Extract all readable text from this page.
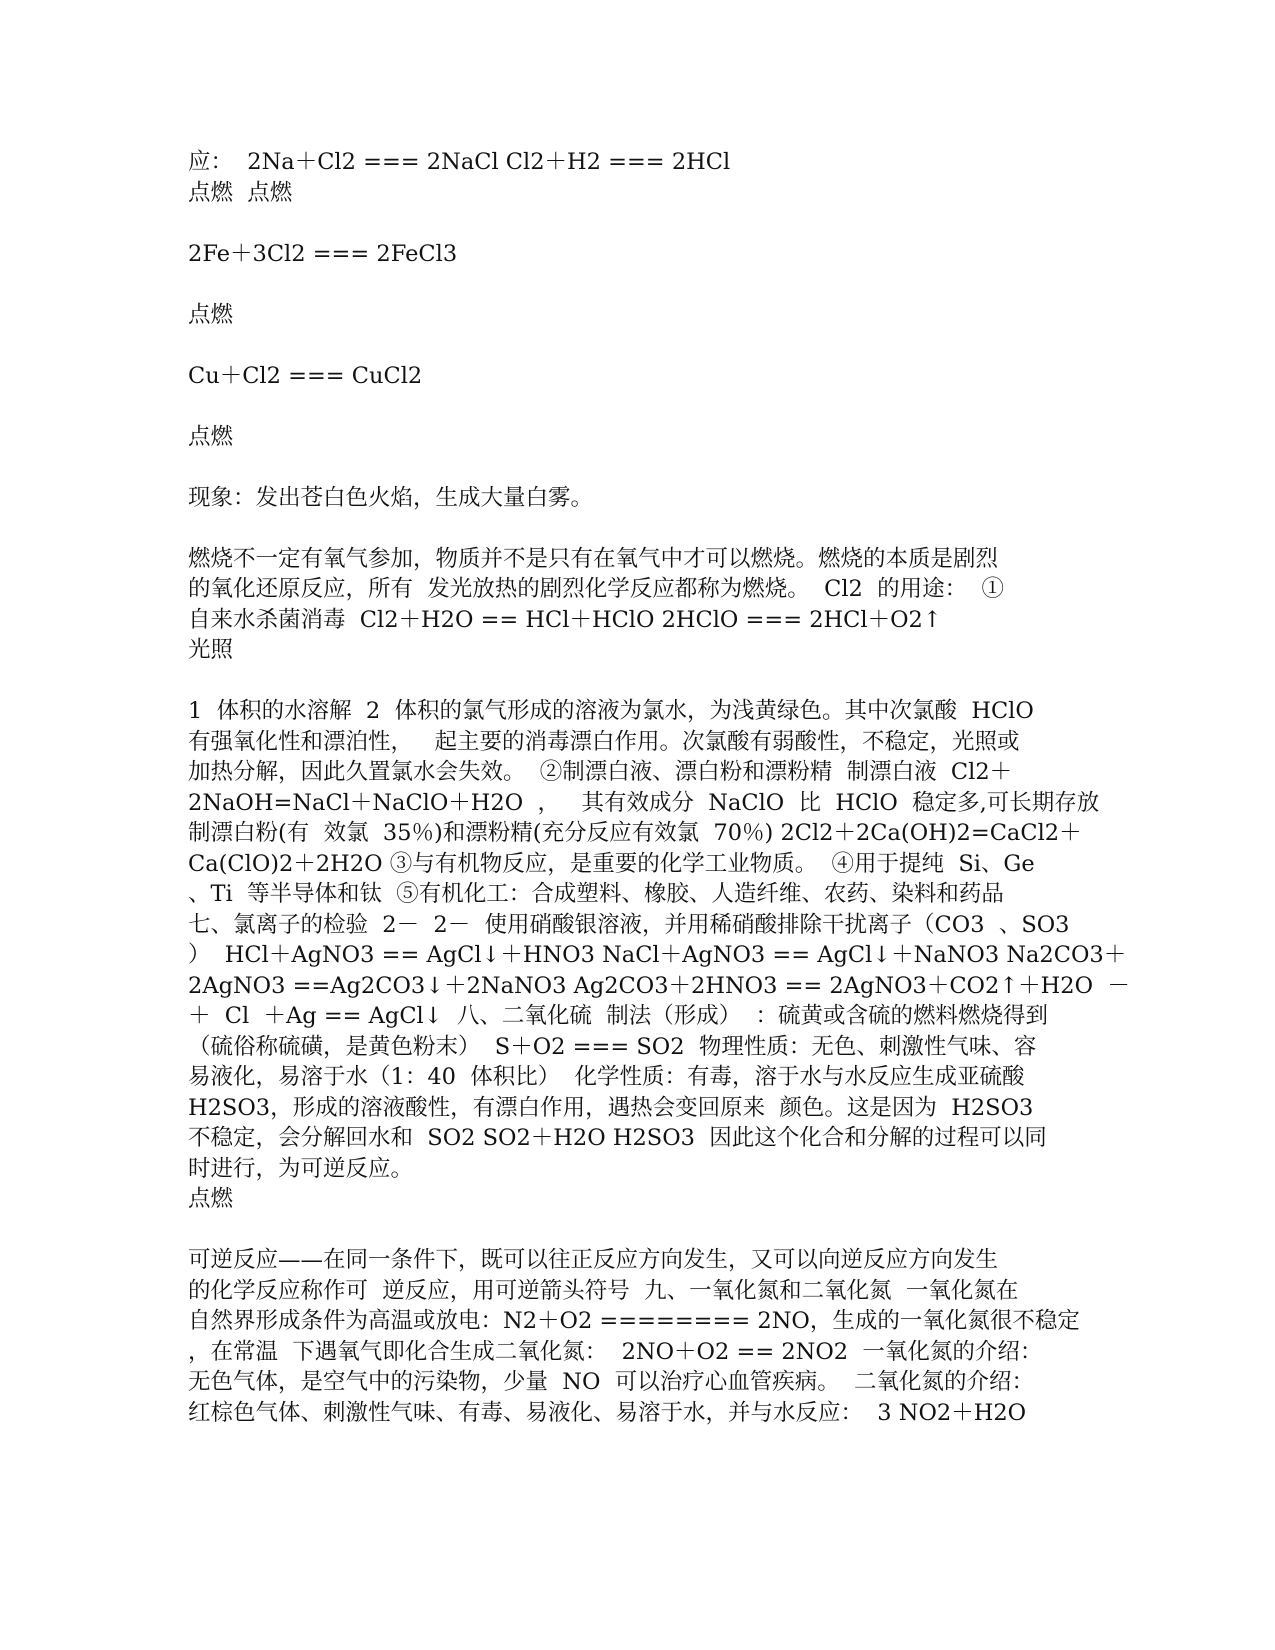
应：  2Na＋Cl2 === 2NaCl Cl2＋H2 === 2HCl
点燃  点燃
2Fe＋3Cl2 === 2FeCl3
点燃
Cu＋Cl2 === CuCl2
点燃
现象：发出苍白色火焰，生成大量白雾。
燃烧不一定有氧气参加，物质并不是只有在氧气中才可以燃烧。燃烧的本质是剧烈
的氧化还原反应，所有  发光放热的剧烈化学反应都称为燃烧。  Cl2  的用途：  ①
自来水杀菌消毒  Cl2＋H2O == HCl＋HClO 2HClO === 2HCl＋O2↑
光照
1  体积的水溶解  2  体积的氯气形成的溶液为氯水，为浅黄绿色。其中次氯酸  HClO
有强氧化性和漂泊性，   起主要的消毒漂白作用。次氯酸有弱酸性，不稳定，光照或
加热分解，因此久置氯水会失效。  ②制漂白液、漂白粉和漂粉精  制漂白液  Cl2＋
2NaOH=NaCl＋NaClO＋H2O  ，   其有效成分  NaClO  比  HClO  稳定多,可长期存放
制漂白粉(有  效氯  35％)和漂粉精(充分反应有效氯  70％) 2Cl2＋2Ca(OH)2=CaCl2＋
Ca(ClO)2＋2H2O ③与有机物反应，是重要的化学工业物质。  ④用于提纯  Si、Ge
、Ti  等半导体和钛  ⑤有机化工：合成塑料、橡胶、人造纤维、农药、染料和药品
七、氯离子的检验  2－  2－  使用硝酸银溶液，并用稀硝酸排除干扰离子（CO3  、SO3
）  HCl＋AgNO3 == AgCl↓＋HNO3 NaCl＋AgNO3 == AgCl↓＋NaNO3 Na2CO3＋
2AgNO3 ==Ag2CO3↓＋2NaNO3 Ag2CO3＋2HNO3 == 2AgNO3＋CO2↑＋H2O  －
＋  Cl  ＋Ag == AgCl↓  八、二氧化硫  制法（形成）  ：硫黄或含硫的燃料燃烧得到
（硫俗称硫磺，是黄色粉末）  S＋O2 === SO2  物理性质：无色、刺激性气味、容
易液化，易溶于水（1：40  体积比）  化学性质：有毒，溶于水与水反应生成亚硫酸
H2SO3，形成的溶液酸性，有漂白作用，遇热会变回原来  颜色。这是因为  H2SO3
不稳定，会分解回水和  SO2 SO2＋H2O H2SO3  因此这个化合和分解的过程可以同
时进行，为可逆反应。
点燃
可逆反应——在同一条件下，既可以往正反应方向发生，又可以向逆反应方向发生
的化学反应称作可  逆反应，用可逆箭头符号  九、一氧化氮和二氧化氮  一氧化氮在
自然界形成条件为高温或放电：N2＋O2 ======== 2NO，生成的一氧化氮很不稳定
，在常温  下遇氧气即化合生成二氧化氮：  2NO＋O2 == 2NO2  一氧化氮的介绍：
无色气体，是空气中的污染物，少量  NO  可以治疗心血管疾病。  二氧化氮的介绍：
红棕色气体、刺激性气味、有毒、易液化、易溶于水，并与水反应：  3 NO2＋H2O
